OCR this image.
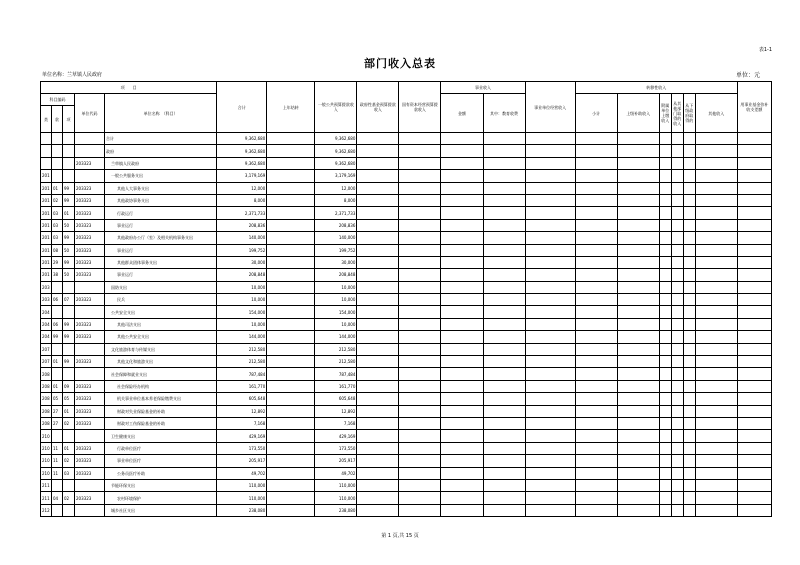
表1-1
部门收入总表
单位名称：兰草镇人民政府	单位：元
项　　目					合计	上年结转	一般公共预算拨款收入	政府性基金预算拨款收入	国有资本经营预算拨款收入	事业收入		事业单位经营收入	转移性收入						用事业基金弥补收支差额
科目编码			单位代码	单位名称　（科目）						金额	其中：教育收费		小计	上级补助收入	附属单位上缴收入	从其他部门取得的收入	从下级政府取得的	其他收入	
类	款	项																	
				合计	9,362,680		9,362,680												
				政府	9,362,680		9,362,680												
			203323	兰草镇人民政府	9,362,680		9,362,680												
201				一般公共服务支出	3,179,169		3,179,169												
201	01	99	203323	其他人大事务支出	12,000		12,000												
201	02	99	203323	其他政协事务支出	8,000		8,000												
201	03	01	203323	行政运行	2,371,733		2,371,733												
201	03	50	203323	事业运行	208,836		208,836												
201	03	99	203323	其他政府办公厅（室）及相关机构事务支出	140,000		140,000												
201	08	50	203323	事业运行	199,752		199,752												
201	29	99	203323	其他群众团体事务支出	30,000		30,000												
201	38	50	203323	事业运行	208,848		208,848												
203				国防支出	10,000		10,000												
203	06	07	203323	民兵	10,000		10,000												
204				公共安全支出	154,000		154,000												
204	06	99	203323	其他司法支出	10,000		10,000												
204	99	99	203323	其他公共安全支出	144,000		144,000												
207				文化旅游体育与传媒支出	212,580		212,580												
207	01	99	203323	其他文化和旅游支出	212,580		212,580												
208				社会保障和就业支出	787,484		787,484												
208	01	09	203323	社会保险经办机构	161,770		161,770												
208	05	05	203323	机关事业单位基本养老保险缴费支出	605,648		605,648												
208	27	01	203323	财政对失业保险基金的补助	12,892		12,892												
208	27	02	203323	财政对工伤保险基金的补助	7,168		7,168												
210				卫生健康支出	429,169		429,169												
210	11	01	203323	行政单位医疗	173,550		173,550												
210	11	02	203323	事业单位医疗	205,917		205,917												
210	11	03	203323	公务员医疗补助	49,702		49,702												
211				节能环保支出	110,000		110,000												
211	04	02	203323	农村环境保护	110,000		110,000												
212				城乡社区支出	238,080		238,080												
第 1 页,共 15 页
